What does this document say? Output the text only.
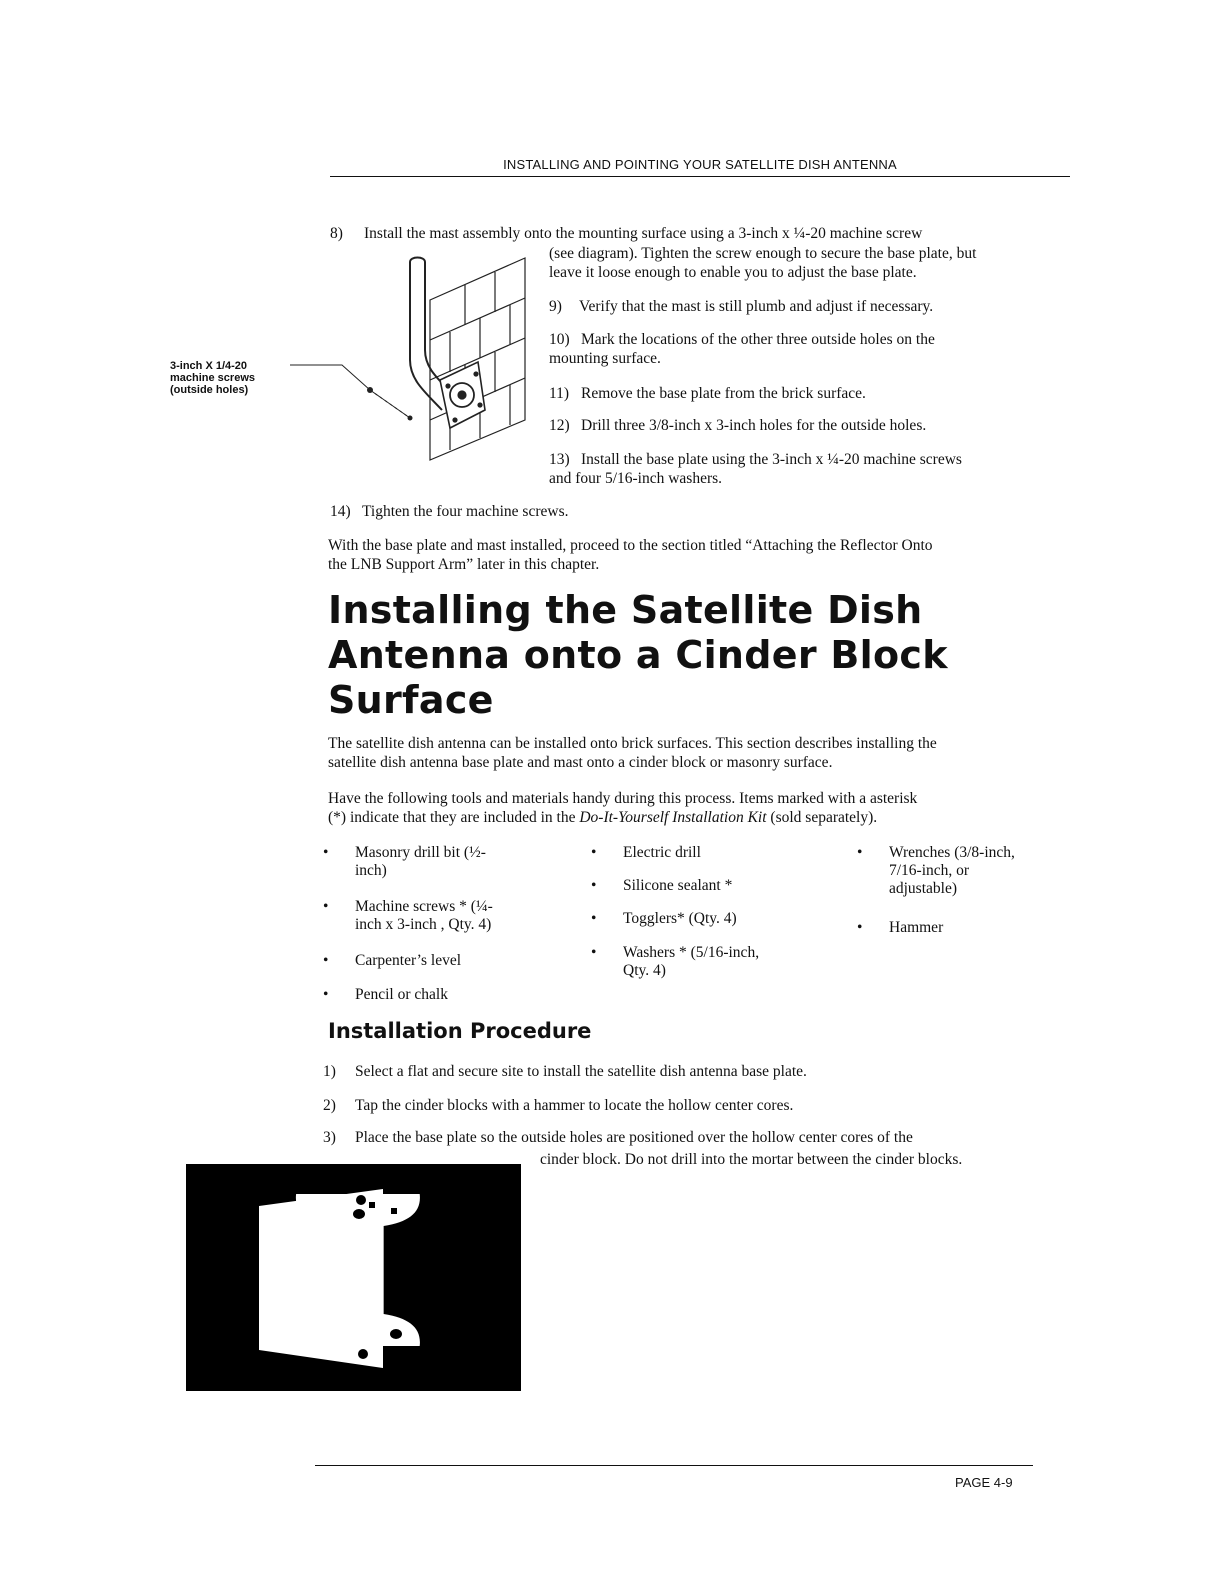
INSTALLING AND POINTING YOUR SATELLITE DISH ANTENNA
3-inch X 1/4-20
machine screws
(outside holes)
8) Install the mast assembly onto the mounting surface using a 3-inch x ¼-20 machine screw
(see diagram). Tighten the screw enough to secure the base plate, but
leave it loose enough to enable you to adjust the base plate.
9) Verify that the mast is still plumb and adjust if necessary.
10) Mark the locations of the other three outside holes on the
mounting surface.
11) Remove the base plate from the brick surface.
12) Drill three 3/8-inch x 3-inch holes for the outside holes.
13) Install the base plate using the 3-inch x ¼-20 machine screws
and four 5/16-inch washers.
14) Tighten the four machine screws.
With the base plate and mast installed, proceed to the section titled “Attaching the Reflector Onto
the LNB Support Arm” later in this chapter.
Installing the Satellite Dish
Antenna onto a Cinder Block
Surface
The satellite dish antenna can be installed onto brick surfaces. This section describes installing the
satellite dish antenna base plate and mast onto a cinder block or masonry surface.
Have the following tools and materials handy during this process. Items marked with a asterisk
(*) indicate that they are included in the Do-It-Yourself Installation Kit (sold separately).
• Masonry drill bit (½-
inch)
• Machine screws * (¼-
inch x 3-inch , Qty. 4)
• Carpenter’s level
• Pencil or chalk
• Electric drill
• Silicone sealant *
• Togglers* (Qty. 4)
• Washers * (5/16-inch,
Qty. 4)
• Wrenches (3/8-inch,
7/16-inch, or
adjustable)
• Hammer
Installation Procedure
1) Select a flat and secure site to install the satellite dish antenna base plate.
2) Tap the cinder blocks with a hammer to locate the hollow center cores.
3) Place the base plate so the outside holes are positioned over the hollow center cores of the
cinder block. Do not drill into the mortar between the cinder blocks.
PAGE 4-9
